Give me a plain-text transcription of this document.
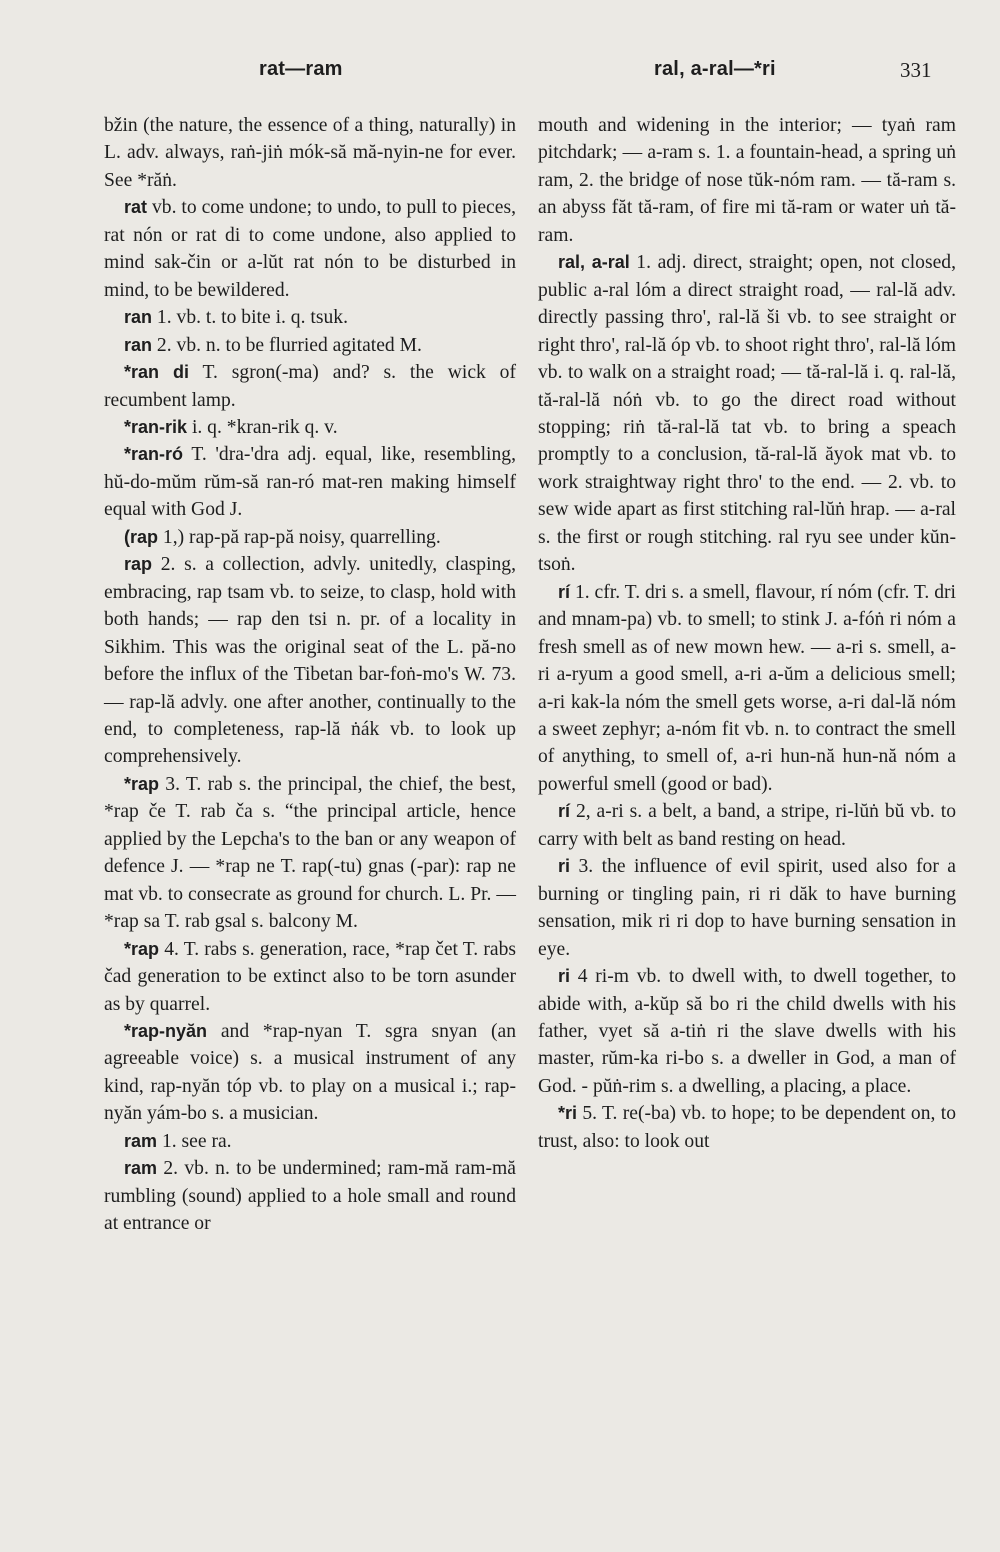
rat—ram	ral, a-ral—*ri	331

bžin (the nature, the essence of a thing, naturally) in L. adv. always, raṅ-jiṅ mók-să mă-nyin-ne for ever. See *răṅ.

rat vb. to come undone; to undo, to pull to pieces, rat nón or rat di to come undone, also applied to mind sak-čin or a-lŭt rat nón to be disturbed in mind, to be bewildered.

ran 1. vb. t. to bite i. q. tsuk.

ran 2. vb. n. to be flurried agitated M.

*ran di T. sgron(-ma) and? s. the wick of recumbent lamp.

*ran-rik i. q. *kran-rik q. v.

*ran-ró T. 'dra-'dra adj. equal, like, resembling, hŭ-do-mŭm rŭm-să ran-ró mat-ren making himself equal with God J.

(rap 1,) rap-pă rap-pă noisy, quarrelling.

rap 2. s. a collection, advly. unitedly, clasping, embracing, rap tsam vb. to seize, to clasp, hold with both hands; — rap den tsi n. pr. of a locality in Sikhim. This was the original seat of the L. pă-no before the influx of the Tibetan bar-foṅ-mo's W. 73. — rap-lă advly. one after another, continually to the end, to completeness, rap-lă ṅák vb. to look up comprehensively.

*rap 3. T. rab s. the principal, the chief, the best, *rap če T. rab ča s. “the principal article, hence applied by the Lepcha's to the ban or any weapon of defence J. — *rap ne T. rap(-tu) gnas (-par): rap ne mat vb. to consecrate as ground for church. L. Pr. — *rap sa T. rab gsal s. balcony M.

*rap 4. T. rabs s. generation, race, *rap čet T. rabs čad generation to be extinct also to be torn asunder as by quarrel.

*rap-nyăn and *rap-nyan T. sgra snyan (an agreeable voice) s. a musical instrument of any kind, rap-nyăn tóp vb. to play on a musical i.; rap-nyăn yám-bo s. a musician.

ram 1. see ra.

ram 2. vb. n. to be undermined; ram-mă ram-mă rumbling (sound) applied to a hole small and round at entrance or

mouth and widening in the interior; — tyaṅ ram pitchdark; — a-ram s. 1. a fountain-head, a spring uṅ ram, 2. the bridge of nose tŭk-nóm ram. — tă-ram s. an abyss făt tă-ram, of fire mi tă-ram or water uṅ tă-ram.

ral, a-ral 1. adj. direct, straight; open, not closed, public a-ral lóm a direct straight road, — ral-lă adv. directly passing thro', ral-lă ši vb. to see straight or right thro', ral-lă óp vb. to shoot right thro', ral-lă lóm vb. to walk on a straight road; — tă-ral-lă i. q. ral-lă, tă-ral-lă nóṅ vb. to go the direct road without stopping; riṅ tă-ral-lă tat vb. to bring a speach promptly to a conclusion, tă-ral-lă ăyok mat vb. to work straightway right thro' to the end. — 2. vb. to sew wide apart as first stitching ral-lŭṅ hrap. — a-ral s. the first or rough stitching. ral ryu see under kŭn-tsoṅ.

rí 1. cfr. T. dri s. a smell, flavour, rí nóm (cfr. T. dri and mnam-pa) vb. to smell; to stink J. a-fóṅ ri nóm a fresh smell as of new mown hew. — a-ri s. smell, a-ri a-ryum a good smell, a-ri a-ŭm a delicious smell; a-ri kak-la nóm the smell gets worse, a-ri dal-lă nóm a sweet zephyr; a-nóm fit vb. n. to contract the smell of anything, to smell of, a-ri hun-nă hun-nă nóm a powerful smell (good or bad).

rí 2, a-ri s. a belt, a band, a stripe, ri-lŭṅ bŭ vb. to carry with belt as band resting on head.

ri 3. the influence of evil spirit, used also for a burning or tingling pain, ri ri dăk to have burning sensation, mik ri ri dop to have burning sensation in eye.

ri 4 ri-m vb. to dwell with, to dwell together, to abide with, a-kŭp să bo ri the child dwells with his father, vyet să a-tiṅ ri the slave dwells with his master, rŭm-ka ri-bo s. a dweller in God, a man of God. - pŭṅ-rim s. a dwelling, a placing, a place.

*ri 5. T. re(-ba) vb. to hope; to be dependent on, to trust, also: to look out
